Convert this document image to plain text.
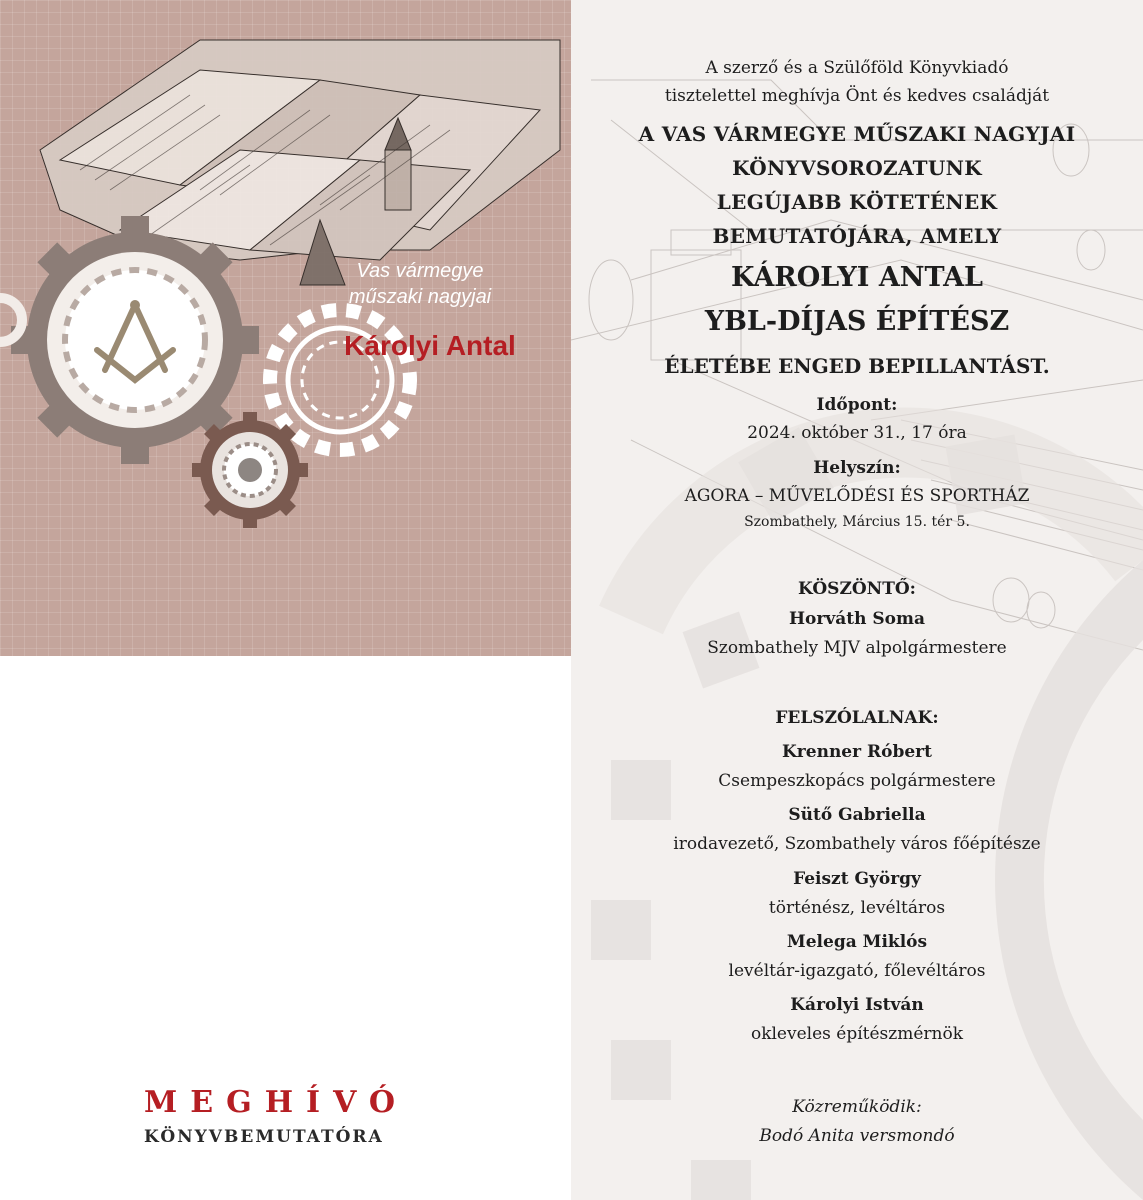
Vas vármegye
műszaki nagyjai
Károlyi Antal
MEGHÍVÓ
KÖNYVBEMUTATÓRA
A szerző és a Szülőföld Könyvkiadó
tisztelettel meghívja Önt és kedves családját
A VAS VÁRMEGYE MŰSZAKI NAGYJAI
KÖNYVSOROZATUNK
LEGÚJABB KÖTETÉNEK
BEMUTATÓJÁRA, AMELY
KÁROLYI ANTAL
YBL-DÍJAS ÉPÍTÉSZ
ÉLETÉBE ENGED BEPILLANTÁST.
Időpont:
2024. október 31., 17 óra
Helyszín:
AGORA – MŰVELŐDÉSI ÉS SPORTHÁZ
Szombathely, Március 15. tér 5.
KÖSZÖNTŐ:
Horváth Soma
Szombathely MJV alpolgármestere
FELSZÓLALNAK:
Krenner Róbert
Csempeszkopács polgármestere
Sütő Gabriella
irodavezető, Szombathely város főépítésze
Feiszt György
történész, levéltáros
Melega Miklós
levéltár-igazgató, főlevéltáros
Károlyi István
okleveles építészmérnök
Közreműködik:
Bodó Anita versmondó
